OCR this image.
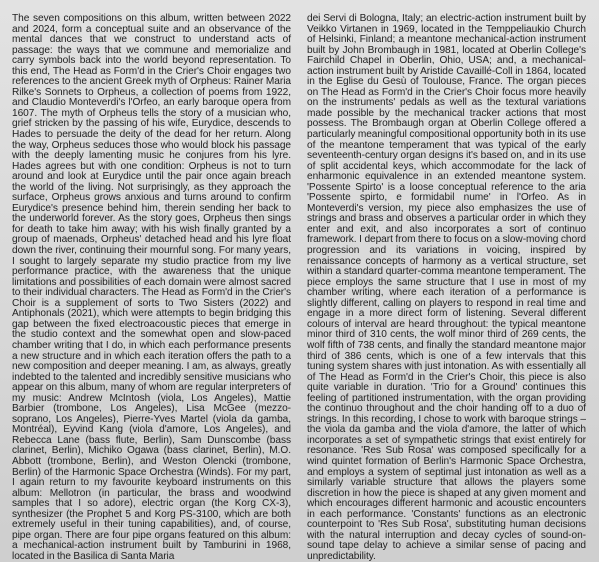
The seven compositions on this album, written between 2022 and 2024, form a conceptual suite and an observance of the mental dances that we construct to understand acts of passage: the ways that we commune and memorialize and carry symbols back into the world beyond representation. To this end, The Head as Form'd in the Crier's Choir engages two references to the ancient Greek myth of Orpheus: Rainer Maria Rilke's Sonnets to Orpheus, a collection of poems from 1922, and Claudio Monteverdi's l'Orfeo, an early baroque opera from 1607. The myth of Orpheus tells the story of a musician who, grief stricken by the passing of his wife, Eurydice, descends to Hades to persuade the deity of the dead for her return. Along the way, Orpheus seduces those who would block his passage with the deeply lamenting music he conjures from his lyre. Hades agrees but with one condition: Orpheus is not to turn around and look at Eurydice until the pair once again breach the world of the living. Not surprisingly, as they approach the surface, Orpheus grows anxious and turns around to confirm Eurydice's presence behind him, therein sending her back to the underworld forever. As the story goes, Orpheus then sings for death to take him away; with his wish finally granted by a group of maenads, Orpheus' detached head and his lyre float down the river, continuing their mournful song. For many years, I sought to largely separate my studio practice from my live performance practice, with the awareness that the unique limitations and possibilities of each domain were almost sacred to their individual characters. The Head as Form'd in the Crier's Choir is a supplement of sorts to Two Sisters (2022) and Antiphonals (2021), which were attempts to begin bridging this gap between the fixed electroacoustic pieces that emerge in the studio context and the somewhat open and slow-paced chamber writing that I do, in which each performance presents a new structure and in which each iteration offers the path to a new composition and deeper meaning. I am, as always, greatly indebted to the talented and incredibly sensitive musicians who appear on this album, many of whom are regular interpreters of my music: Andrew McIntosh (viola, Los Angeles), Mattie Barbier (trombone, Los Angeles), Lisa McGee (mezzo-soprano, Los Angeles), Pierre-Yves Martel (viola da gamba, Montréal), Eyvind Kang (viola d'amore, Los Angeles), and Rebecca Lane (bass flute, Berlin), Sam Dunscombe (bass clarinet, Berlin), Michiko Ogawa (bass clarinet, Berlin), M.O. Abbott (trombone, Berlin), and Weston Olencki (trombone, Berlin) of the Harmonic Space Orchestra (Winds). For my part, I again return to my favourite keyboard instruments on this album: Mellotron (in particular, the brass and woodwind samples that I so adore), electric organ (the Korg CX-3), synthesizer (the Prophet 5 and Korg PS-3100, which are both extremely useful in their tuning capabilities), and, of course, pipe organ. There are four pipe organs featured on this album: a mechanical-action instrument built by Tamburini in 1968, located in the Basilica di Santa Maria

dei Servi di Bologna, Italy; an electric-action instrument built by Veikko Virtanen in 1969, located in the Temppeliaukio Church of Helsinki, Finland; a meantone mechanical-action instrument built by John Brombaugh in 1981, located at Oberlin College's Fairchild Chapel in Oberlin, Ohio, USA; and, a mechanical-action instrument built by Aristide Cavaillé-Coll in 1864, located in the Eglise du Gesù of Toulouse, France. The organ pieces on The Head as Form'd in the Crier's Choir focus more heavily on the instruments' pedals as well as the textural variations made possible by the mechanical tracker actions that most possess. The Brombaugh organ at Oberlin College offered a particularly meaningful compositional opportunity both in its use of the meantone temperament that was typical of the early seventeenth-century organ designs it's based on, and in its use of split accidental keys, which accommodate for the lack of enharmonic equivalence in an extended meantone system. 'Possente Spirto' is a loose conceptual reference to the aria 'Possente spirto, e formidabil nume' in l'Orfeo. As in Monteverdi's version, my piece also emphasizes the use of strings and brass and observes a particular order in which they enter and exit, and also incorporates a sort of continuo framework. I depart from there to focus on a slow-moving chord progression and its variations in voicing, inspired by renaissance concepts of harmony as a vertical structure, set within a standard quarter-comma meantone temperament. The piece employs the same structure that I use in most of my chamber writing, where each iteration of a performance is slightly different, calling on players to respond in real time and engage in a more direct form of listening. Several different colours of interval are heard throughout: the typical meantone minor third of 310 cents, the wolf minor third of 269 cents, the wolf fifth of 738 cents, and finally the standard meantone major third of 386 cents, which is one of a few intervals that this tuning system shares with just intonation. As with essentially all of The Head as Form'd in the Crier's Choir, this piece is also quite variable in duration. 'Trio for a Ground' continues this feeling of partitioned instrumentation, with the organ providing the continuo throughout and the choir handing off to a duo of strings. In this recording, I chose to work with baroque strings – the viola da gamba and the viola d'amore, the latter of which incorporates a set of sympathetic strings that exist entirely for resonance. 'Res Sub Rosa' was composed specifically for a wind quintet formation of Berlin's Harmonic Space Orchestra, and employs a system of septimal just intonation as well as a similarly variable structure that allows the players some discretion in how the piece is shaped at any given moment and which encourages different harmonic and acoustic encounters in each performance. 'Constants' functions as an electronic counterpoint to 'Res Sub Rosa', substituting human decisions with the natural interruption and decay cycles of sound-on-sound tape delay to achieve a similar sense of pacing and unpredictability.
